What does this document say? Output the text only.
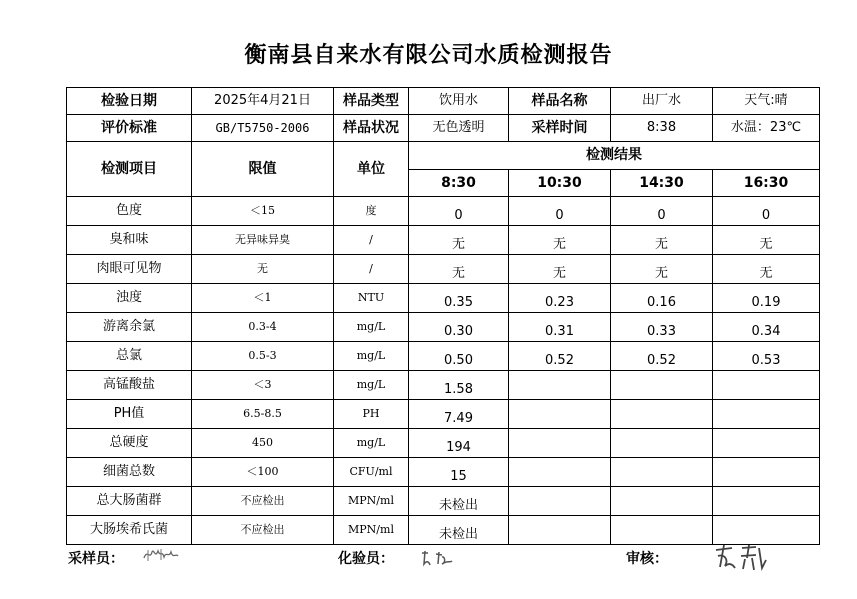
衡南县自来水有限公司水质检测报告
检验日期	2025年4月21日	样品类型	饮用水	样品名称	出厂水	天气:晴
评价标准	GB/T5750-2006	样品状况	无色透明	采样时间	8:38	水温：23℃
检测项目	限值	单位	检测结果			
			8:30	10:30	14:30	16:30
色度	＜15	度	0	0	0	0
臭和味	无异味异臭	/	无	无	无	无
肉眼可见物	无	/	无	无	无	无
浊度	＜1	NTU	0.35	0.23	0.16	0.19
游离余氯	0.3-4	mg/L	0.30	0.31	0.33	0.34
总氯	0.5-3	mg/L	0.50	0.52	0.52	0.53
高锰酸盐	＜3	mg/L	1.58			
PH值	6.5-8.5	PH	7.49			
总硬度	450	mg/L	194			
细菌总数	＜100	CFU/ml	15			
总大肠菌群	不应检出	MPN/ml	未检出			
大肠埃希氏菌	不应检出	MPN/ml	未检出			
采样员：	化验员：	审核：
